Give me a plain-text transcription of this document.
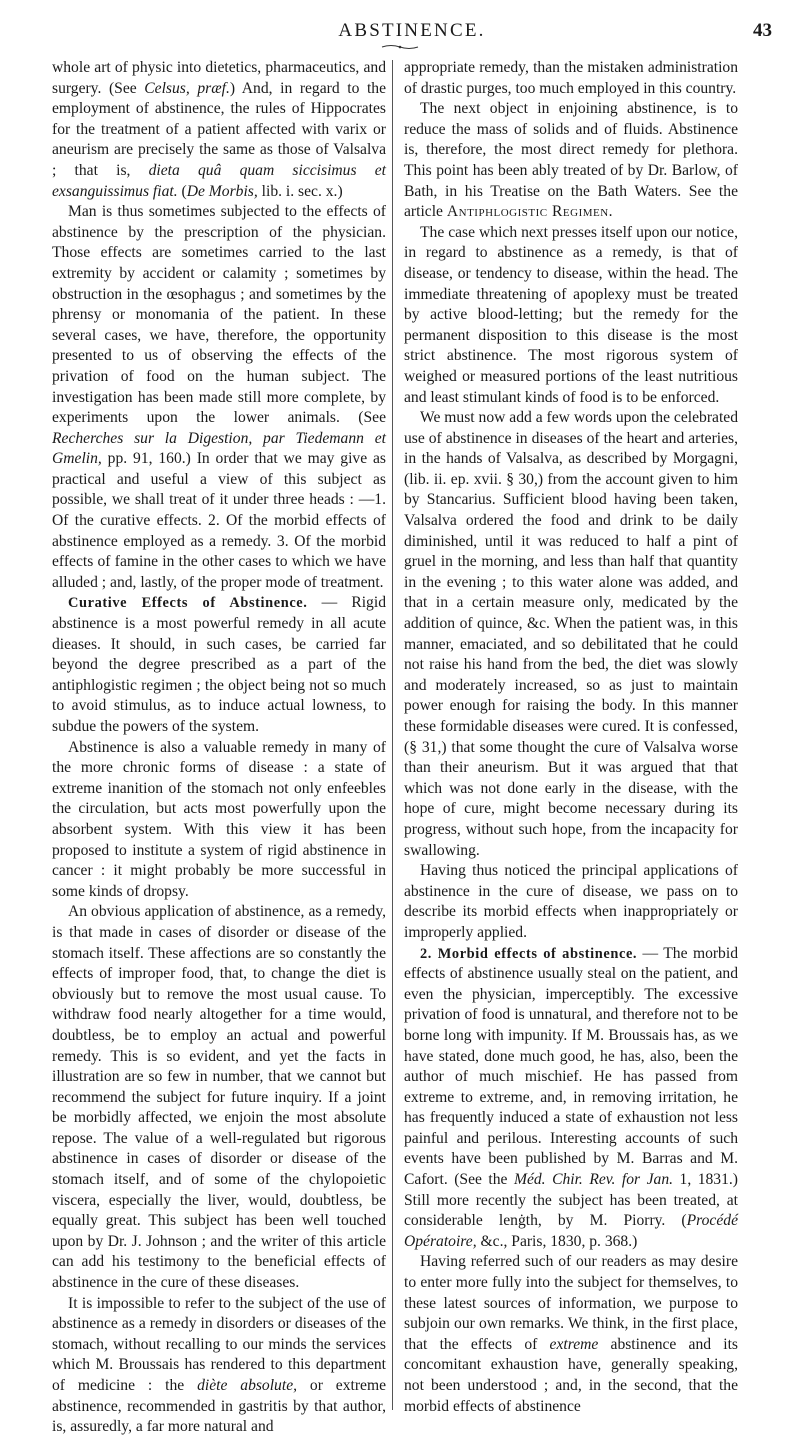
ABSTINENCE.	43

whole art of physic into dietetics, pharmaceutics, and surgery. (See Celsus, præf.) And, in regard to the employment of abstinence, the rules of Hippocrates for the treatment of a patient affected with varix or aneurism are precisely the same as those of Valsalva ; that is, dieta quâ quam siccisimus et exsanguissimus fiat. (De Morbis, lib. i. sec. x.)

Man is thus sometimes subjected to the effects of abstinence by the prescription of the physician. Those effects are sometimes carried to the last extremity by accident or calamity ; sometimes by obstruction in the œsophagus ; and sometimes by the phrensy or monomania of the patient. In these several cases, we have, therefore, the opportunity presented to us of observing the effects of the privation of food on the human subject. The investigation has been made still more complete, by experiments upon the lower animals. (See Recherches sur la Digestion, par Tiedemann et Gmelin, pp. 91, 160.) In order that we may give as practical and useful a view of this subject as possible, we shall treat of it under three heads : —1. Of the curative effects. 2. Of the morbid effects of abstinence employed as a remedy. 3. Of the morbid effects of famine in the other cases to which we have alluded ; and, lastly, of the proper mode of treatment.

Curative Effects of Abstinence. — Rigid abstinence is a most powerful remedy in all acute dieases. It should, in such cases, be carried far beyond the degree prescribed as a part of the antiphlogistic regimen ; the object being not so much to avoid stimulus, as to induce actual lowness, to subdue the powers of the system.

Abstinence is also a valuable remedy in many of the more chronic forms of disease : a state of extreme inanition of the stomach not only enfeebles the circulation, but acts most powerfully upon the absorbent system. With this view it has been proposed to institute a system of rigid abstinence in cancer : it might probably be more successful in some kinds of dropsy.

An obvious application of abstinence, as a remedy, is that made in cases of disorder or disease of the stomach itself. These affections are so constantly the effects of improper food, that, to change the diet is obviously but to remove the most usual cause. To withdraw food nearly altogether for a time would, doubtless, be to employ an actual and powerful remedy. This is so evident, and yet the facts in illustration are so few in number, that we cannot but recommend the subject for future inquiry. If a joint be morbidly affected, we enjoin the most absolute repose. The value of a well-regulated but rigorous abstinence in cases of disorder or disease of the stomach itself, and of some of the chylopoietic viscera, especially the liver, would, doubtless, be equally great. This subject has been well touched upon by Dr. J. Johnson ; and the writer of this article can add his testimony to the beneficial effects of abstinence in the cure of these diseases.

It is impossible to refer to the subject of the use of abstinence as a remedy in disorders or diseases of the stomach, without recalling to our minds the services which M. Broussais has rendered to this department of medicine : the diète absolute, or extreme abstinence, recommended in gastritis by that author, is, assuredly, a far more natural and

appropriate remedy, than the mistaken administration of drastic purges, too much employed in this country.

The next object in enjoining abstinence, is to reduce the mass of solids and of fluids. Abstinence is, therefore, the most direct remedy for plethora. This point has been ably treated of by Dr. Barlow, of Bath, in his Treatise on the Bath Waters. See the article Antiphlogistic Regimen.

The case which next presses itself upon our notice, in regard to abstinence as a remedy, is that of disease, or tendency to disease, within the head. The immediate threatening of apoplexy must be treated by active blood-letting; but the remedy for the permanent disposition to this disease is the most strict abstinence. The most rigorous system of weighed or measured portions of the least nutritious and least stimulant kinds of food is to be enforced.

We must now add a few words upon the celebrated use of abstinence in diseases of the heart and arteries, in the hands of Valsalva, as described by Morgagni, (lib. ii. ep. xvii. § 30,) from the account given to him by Stancarius. Sufficient blood having been taken, Valsalva ordered the food and drink to be daily diminished, until it was reduced to half a pint of gruel in the morning, and less than half that quantity in the evening ; to this water alone was added, and that in a certain measure only, medicated by the addition of quince, &c. When the patient was, in this manner, emaciated, and so debilitated that he could not raise his hand from the bed, the diet was slowly and moderately increased, so as just to maintain power enough for raising the body. In this manner these formidable diseases were cured. It is confessed, (§ 31,) that some thought the cure of Valsalva worse than their aneurism. But it was argued that that which was not done early in the disease, with the hope of cure, might become necessary during its progress, without such hope, from the incapacity for swallowing.

Having thus noticed the principal applications of abstinence in the cure of disease, we pass on to describe its morbid effects when inappropriately or improperly applied.

2. Morbid effects of abstinence. — The morbid effects of abstinence usually steal on the patient, and even the physician, imperceptibly. The excessive privation of food is unnatural, and therefore not to be borne long with impunity. If M. Broussais has, as we have stated, done much good, he has, also, been the author of much mischief. He has passed from extreme to extreme, and, in removing irritation, he has frequently induced a state of exhaustion not less painful and perilous. Interesting accounts of such events have been published by M. Barras and M. Cafort. (See the Méd. Chir. Rev. for Jan. 1, 1831.) Still more recently the subject has been treated, at considerable lenġth, by M. Piorry. (Procédé Opératoire, &c., Paris, 1830, p. 368.)

Having referred such of our readers as may desire to enter more fully into the subject for themselves, to these latest sources of information, we purpose to subjoin our own remarks. We think, in the first place, that the effects of extreme abstinence and its concomitant exhaustion have, generally speaking, not been understood ; and, in the second, that the morbid effects of abstinence
